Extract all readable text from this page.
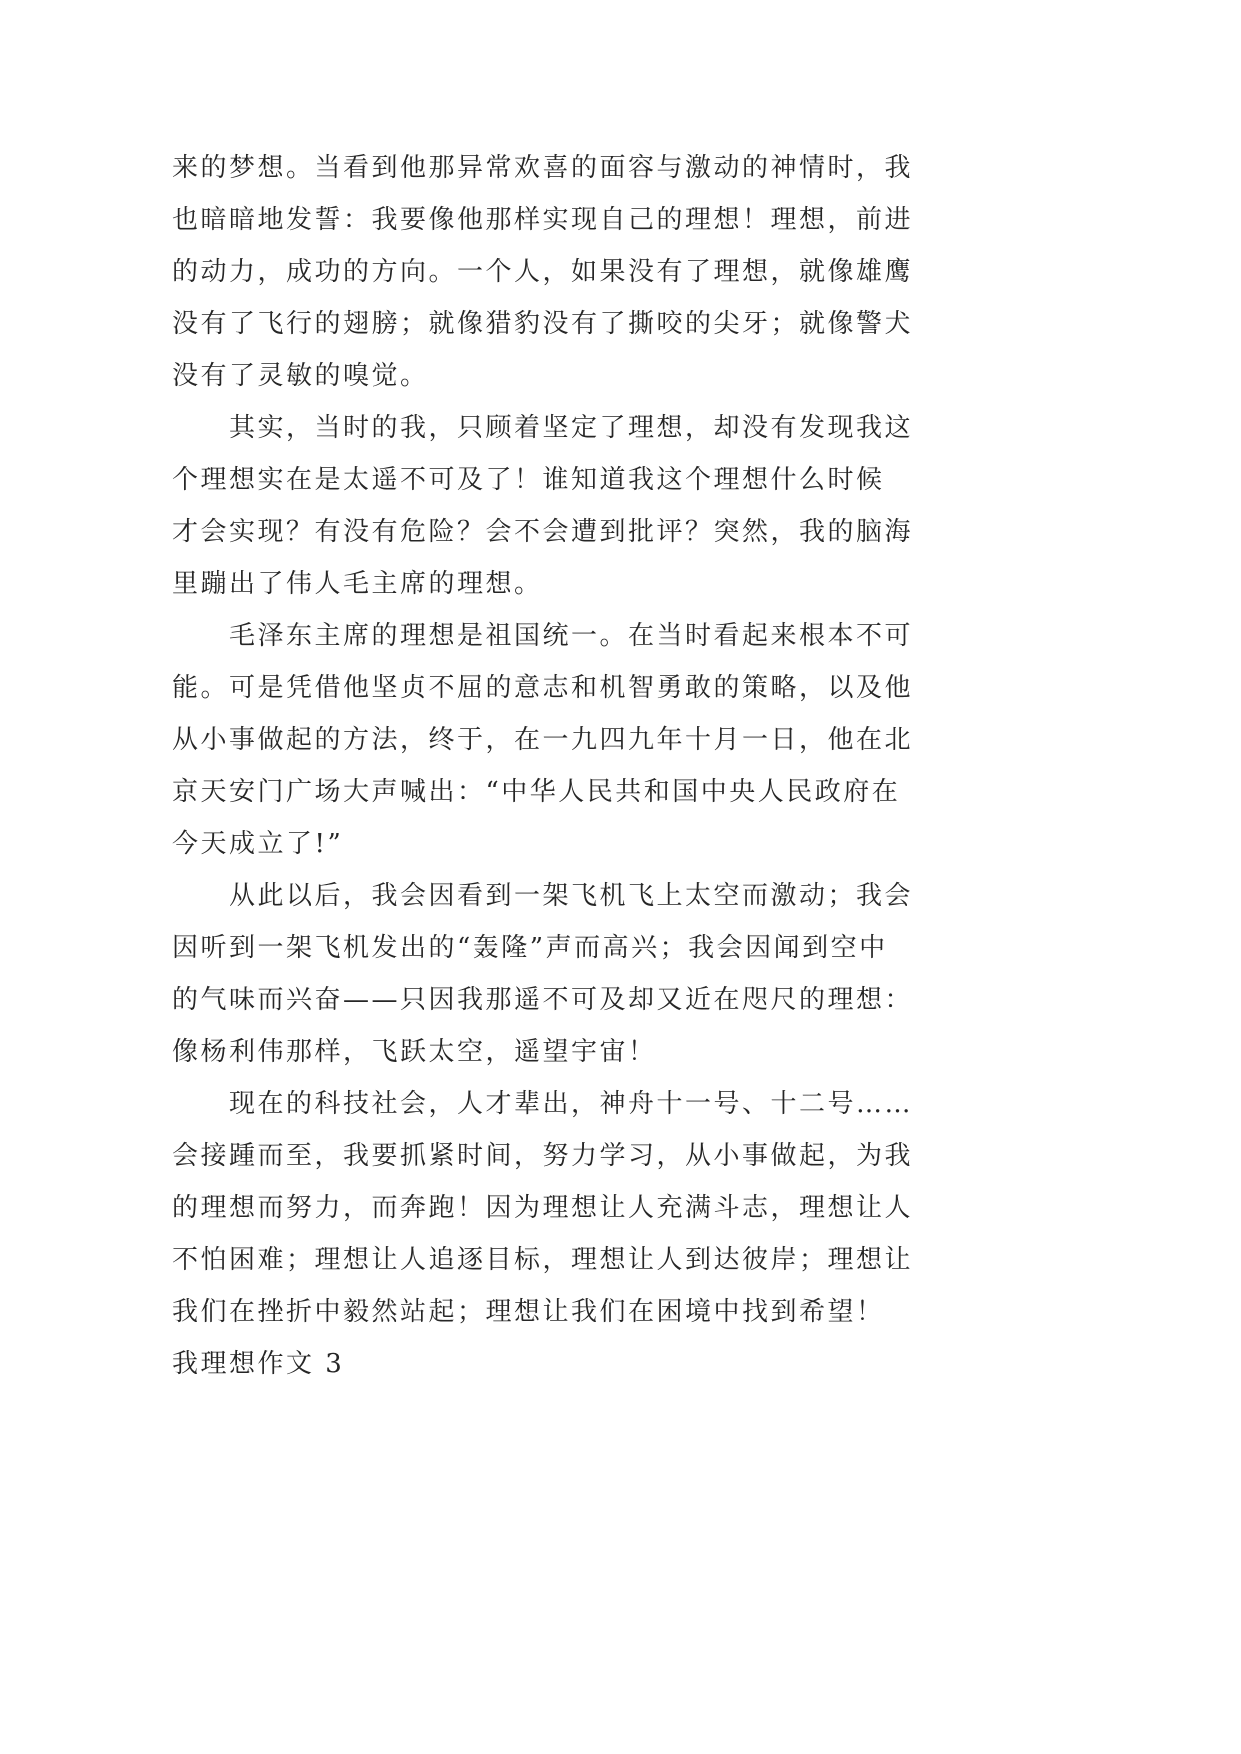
来的梦想。当看到他那异常欢喜的面容与激动的神情时，我
也暗暗地发誓：我要像他那样实现自己的理想！理想，前进
的动力，成功的方向。一个人，如果没有了理想，就像雄鹰
没有了飞行的翅膀；就像猎豹没有了撕咬的尖牙；就像警犬
没有了灵敏的嗅觉。
其实，当时的我，只顾着坚定了理想，却没有发现我这
个理想实在是太遥不可及了！谁知道我这个理想什么时候
才会实现？有没有危险？会不会遭到批评？突然，我的脑海
里蹦出了伟人毛主席的理想。
毛泽东主席的理想是祖国统一。在当时看起来根本不可
能。可是凭借他坚贞不屈的意志和机智勇敢的策略，以及他
从小事做起的方法，终于，在一九四九年十月一日，他在北
京天安门广场大声喊出：“中华人民共和国中央人民政府在
今天成立了!”
从此以后，我会因看到一架飞机飞上太空而激动；我会
因听到一架飞机发出的“轰隆”声而高兴；我会因闻到空中
的气味而兴奋——只因我那遥不可及却又近在咫尺的理想：
像杨利伟那样，飞跃太空，遥望宇宙！
现在的科技社会，人才辈出，神舟十一号、十二号……
会接踵而至，我要抓紧时间，努力学习，从小事做起，为我
的理想而努力，而奔跑！因为理想让人充满斗志，理想让人
不怕困难；理想让人追逐目标，理想让人到达彼岸；理想让
我们在挫折中毅然站起；理想让我们在困境中找到希望！
我理想作文 3
